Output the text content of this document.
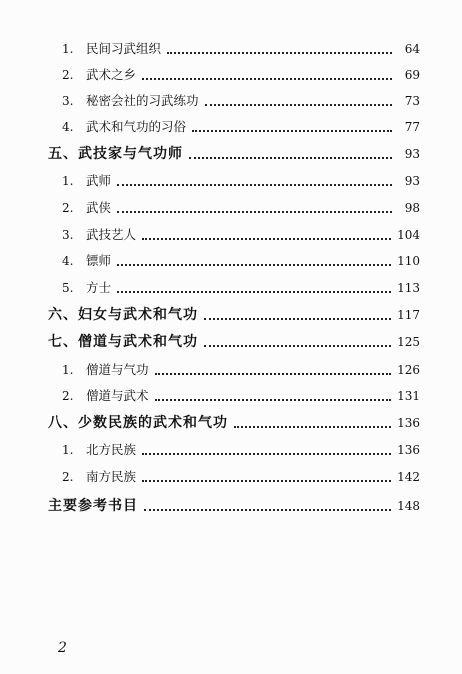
1.	民间习武组织	64
2.	武术之乡	69
3.	秘密会社的习武练功	73
4.	武术和气功的习俗	77
五、武技家与气功师	93
1.	武师	93
2.	武侠	98
3.	武技艺人	104
4.	镖师	110
5.	方士	113
六、妇女与武术和气功	117
七、僧道与武术和气功	125
1.	僧道与气功	126
2.	僧道与武术	131
八、少数民族的武术和气功	136
1.	北方民族	136
2.	南方民族	142
主要参考书目	148
2
